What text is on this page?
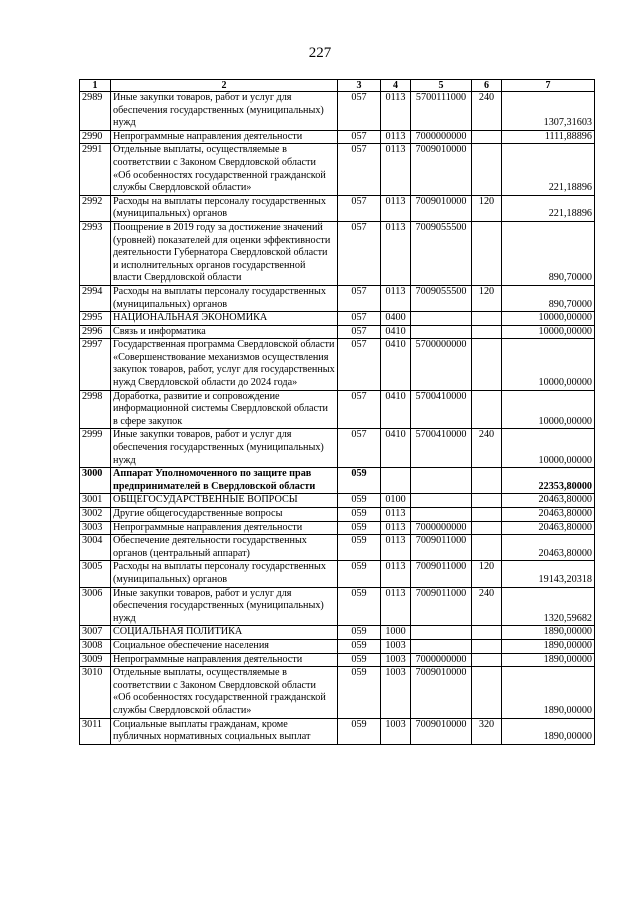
227
1	2	3	4	5	6	7
2989	Иные закупки товаров, работ и услуг для обеспечения государственных (муниципальных) нужд	057	0113	5700111000	240	1307,31603
2990	Непрограммные направления деятельности	057	0113	7000000000		1111,88896
2991	Отдельные выплаты, осуществляемые в соответствии с Законом Свердловской области «Об особенностях государственной гражданской службы Свердловской области»	057	0113	7009010000		221,18896
2992	Расходы на выплаты персоналу государственных (муниципальных) органов	057	0113	7009010000	120	221,18896
2993	Поощрение в 2019 году за достижение значений (уровней) показателей для оценки эффективности деятельности Губернатора Свердловской области и исполнительных органов государственной власти Свердловской области	057	0113	7009055500		890,70000
2994	Расходы на выплаты персоналу государственных (муниципальных) органов	057	0113	7009055500	120	890,70000
2995	НАЦИОНАЛЬНАЯ ЭКОНОМИКА	057	0400			10000,00000
2996	Связь и информатика	057	0410			10000,00000
2997	Государственная программа Свердловской области «Совершенствование механизмов осуществления закупок товаров, работ, услуг для государственных нужд Свердловской области до 2024 года»	057	0410	5700000000		10000,00000
2998	Доработка, развитие и сопровождение информационной системы Свердловской области в сфере закупок	057	0410	5700410000		10000,00000
2999	Иные закупки товаров, работ и услуг для обеспечения государственных (муниципальных) нужд	057	0410	5700410000	240	10000,00000
3000	Аппарат Уполномоченного по защите прав предпринимателей в Свердловской области	059				22353,80000
3001	ОБЩЕГОСУДАРСТВЕННЫЕ ВОПРОСЫ	059	0100			20463,80000
3002	Другие общегосударственные вопросы	059	0113			20463,80000
3003	Непрограммные направления деятельности	059	0113	7000000000		20463,80000
3004	Обеспечение деятельности государственных органов (центральный аппарат)	059	0113	7009011000		20463,80000
3005	Расходы на выплаты персоналу государственных (муниципальных) органов	059	0113	7009011000	120	19143,20318
3006	Иные закупки товаров, работ и услуг для обеспечения государственных (муниципальных) нужд	059	0113	7009011000	240	1320,59682
3007	СОЦИАЛЬНАЯ ПОЛИТИКА	059	1000			1890,00000
3008	Социальное обеспечение населения	059	1003			1890,00000
3009	Непрограммные направления деятельности	059	1003	7000000000		1890,00000
3010	Отдельные выплаты, осуществляемые в соответствии с Законом Свердловской области «Об особенностях государственной гражданской службы Свердловской области»	059	1003	7009010000		1890,00000
3011	Социальные выплаты гражданам, кроме публичных нормативных социальных выплат	059	1003	7009010000	320	1890,00000
